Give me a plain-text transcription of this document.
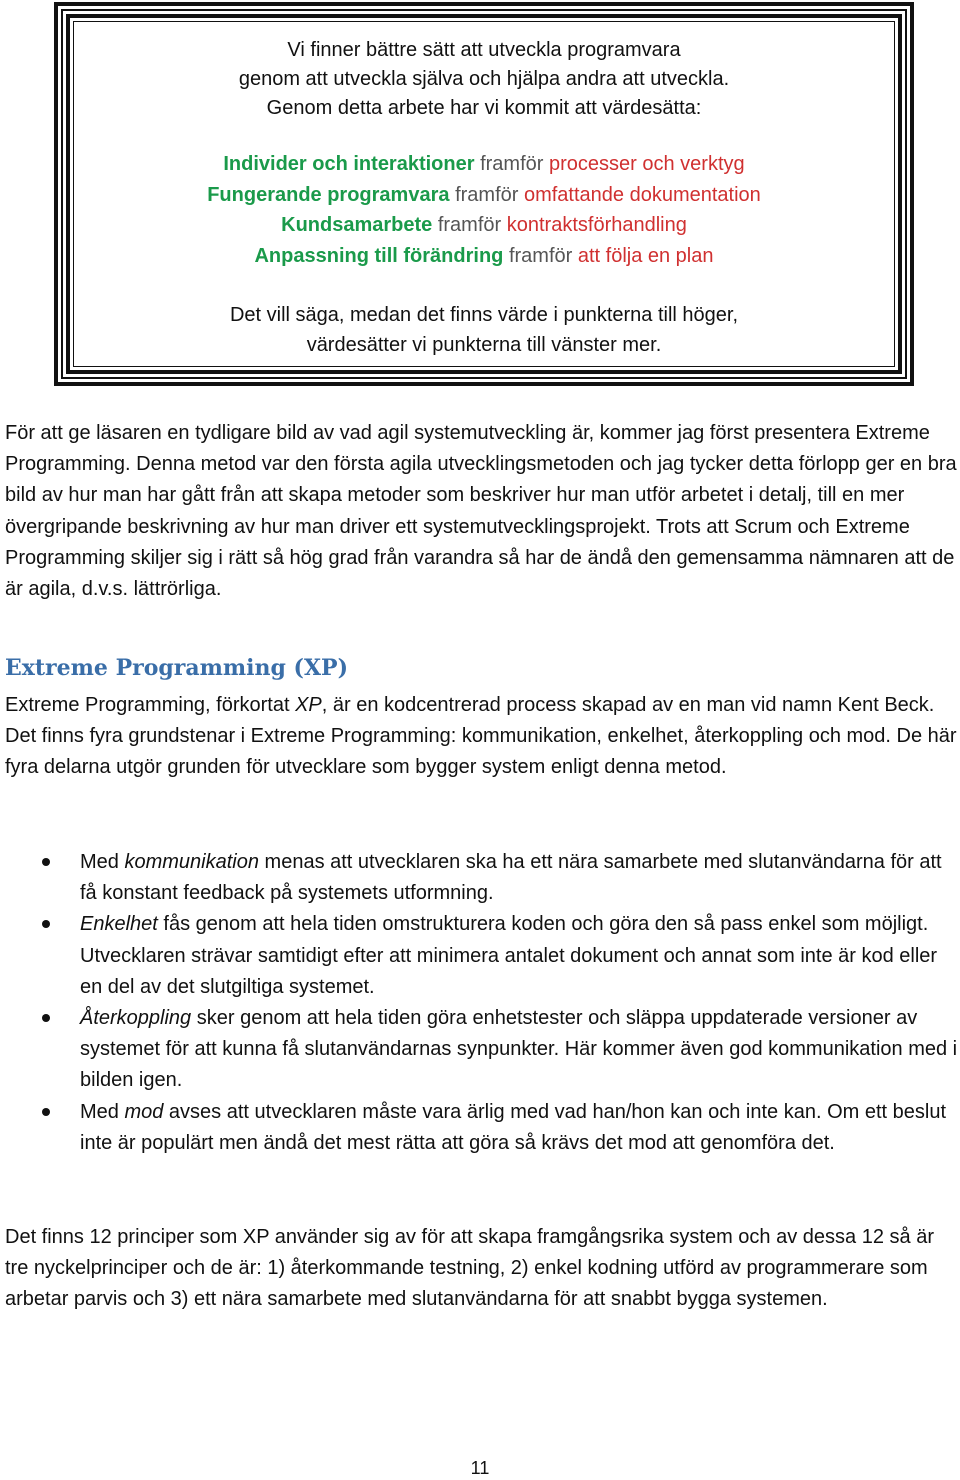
Vi finner bättre sätt att utveckla programvara
genom att utveckla själva och hjälpa andra att utveckla.
Genom detta arbete har vi kommit att värdesätta:
Individer och interaktioner framför processer och verktyg
Fungerande programvara framför omfattande dokumentation
Kundsamarbete framför kontraktsförhandling
Anpassning till förändring framför att följa en plan
Det vill säga, medan det finns värde i punkterna till höger,
värdesätter vi punkterna till vänster mer.
För att ge läsaren en tydligare bild av vad agil systemutveckling är, kommer jag först presentera Extreme Programming. Denna metod var den första agila utvecklingsmetoden och jag tycker detta förlopp ger en bra bild av hur man har gått från att skapa metoder som beskriver hur man utför arbetet i detalj, till en mer övergripande beskrivning av hur man driver ett systemutvecklingsprojekt. Trots att Scrum och Extreme Programming skiljer sig i rätt så hög grad från varandra så har de ändå den gemensamma nämnaren att de är agila, d.v.s. lättrörliga.
Extreme Programming (XP)
Extreme Programming, förkortat XP, är en kodcentrerad process skapad av en man vid namn Kent Beck. Det finns fyra grundstenar i Extreme Programming: kommunikation, enkelhet, återkoppling och mod. De här fyra delarna utgör grunden för utvecklare som bygger system enligt denna metod.
Med kommunikation menas att utvecklaren ska ha ett nära samarbete med slutanvändarna för att få konstant feedback på systemets utformning.
Enkelhet fås genom att hela tiden omstrukturera koden och göra den så pass enkel som möjligt. Utvecklaren strävar samtidigt efter att minimera antalet dokument och annat som inte är kod eller en del av det slutgiltiga systemet.
Återkoppling sker genom att hela tiden göra enhetstester och släppa uppdaterade versioner av systemet för att kunna få slutanvändarnas synpunkter. Här kommer även god kommunikation med i bilden igen.
Med mod avses att utvecklaren måste vara ärlig med vad han/hon kan och inte kan. Om ett beslut inte är populärt men ändå det mest rätta att göra så krävs det mod att genomföra det.
Det finns 12 principer som XP använder sig av för att skapa framgångsrika system och av dessa 12 så är tre nyckelprinciper och de är: 1) återkommande testning, 2) enkel kodning utförd av programmerare som arbetar parvis och 3) ett nära samarbete med slutanvändarna för att snabbt bygga systemen.
11
